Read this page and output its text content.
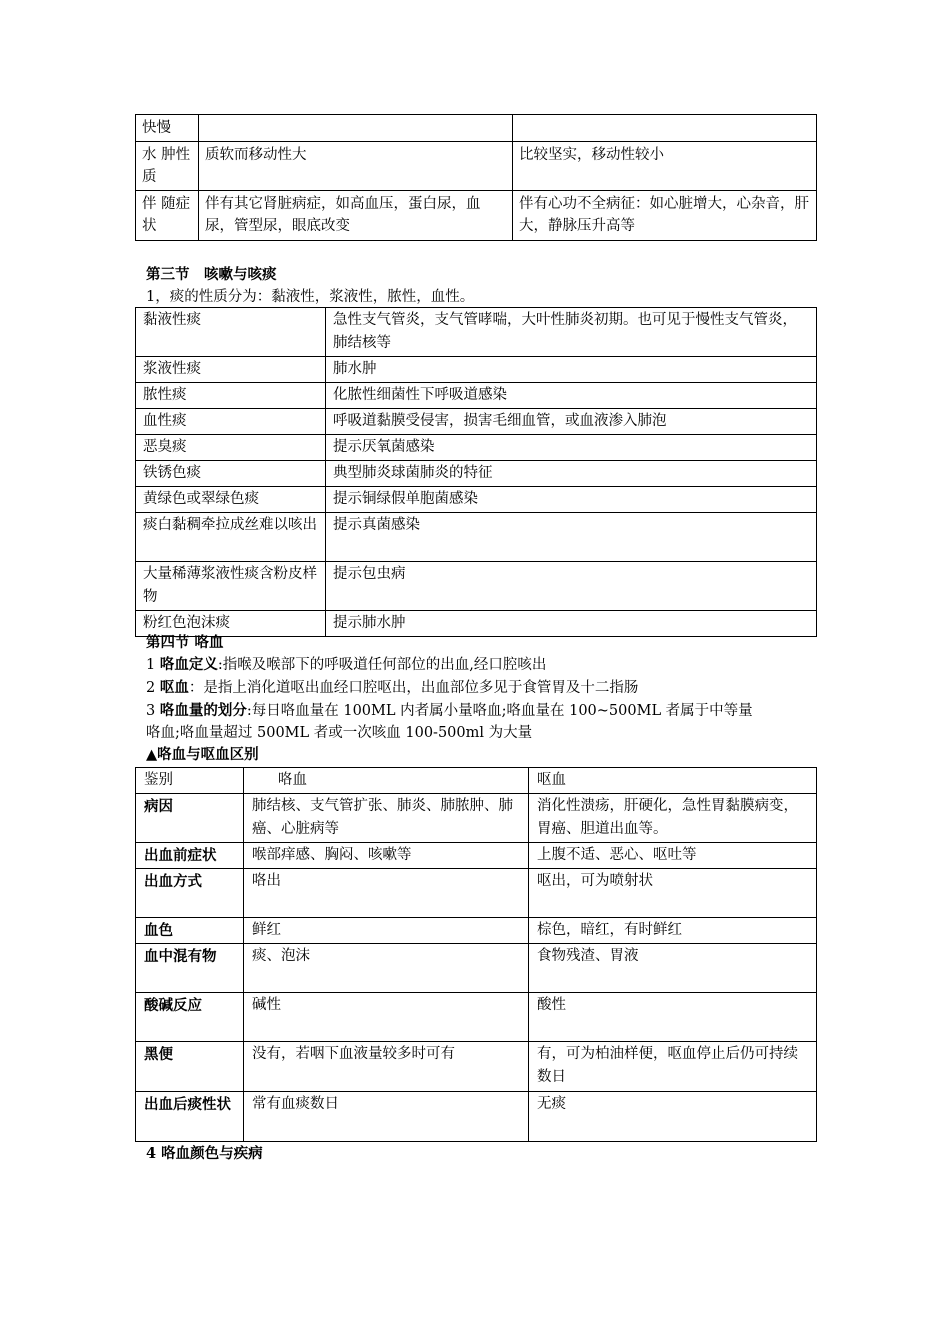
快慢		
水 肿性质	质软而移动性大	比较坚实，移动性较小
伴 随症状	伴有其它肾脏病症，如高血压，蛋白尿，血尿，管型尿，眼底改变	伴有心功不全病征：如心脏增大，心杂音，肝大，静脉压升高等
第三节　咳嗽与咳痰
1，痰的性质分为：黏液性，浆液性，脓性，血性。
黏液性痰	急性支气管炎，支气管哮喘，大叶性肺炎初期。也可见于慢性支气管炎，肺结核等
浆液性痰	肺水肿
脓性痰	化脓性细菌性下呼吸道感染
血性痰	呼吸道黏膜受侵害，损害毛细血管，或血液渗入肺泡
恶臭痰	提示厌氧菌感染
铁锈色痰	典型肺炎球菌肺炎的特征
黄绿色或翠绿色痰	提示铜绿假单胞菌感染
痰白黏稠牵拉成丝难以咳出	提示真菌感染
大量稀薄浆液性痰含粉皮样物	提示包虫病
粉红色泡沫痰	提示肺水肿
第四节 咯血
1 咯血定义:指喉及喉部下的呼吸道任何部位的出血,经口腔咳出
2 呕血：是指上消化道呕出血经口腔呕出，出血部位多见于食管胃及十二指肠
3 咯血量的划分:每日咯血量在 100ML 内者属小量咯血;咯血量在 100~500ML 者属于中等量
咯血;咯血量超过 500ML 者或一次咳血 100-500ml 为大量
▲咯血与呕血区别
鉴别	咯血	呕血
病因	肺结核、支气管扩张、肺炎、肺脓肿、肺癌、心脏病等	消化性溃疡，肝硬化，急性胃黏膜病变，胃癌、胆道出血等。
出血前症状	喉部痒感、胸闷、咳嗽等	上腹不适、恶心、呕吐等
出血方式	咯出	呕出，可为喷射状
血色	鲜红	棕色，暗红，有时鲜红
血中混有物	痰、泡沫	食物残渣、胃液
酸碱反应	碱性	酸性
黑便	没有，若咽下血液量较多时可有	有，可为柏油样便，呕血停止后仍可持续数日
出血后痰性状	常有血痰数日	无痰
4 咯血颜色与疾病
